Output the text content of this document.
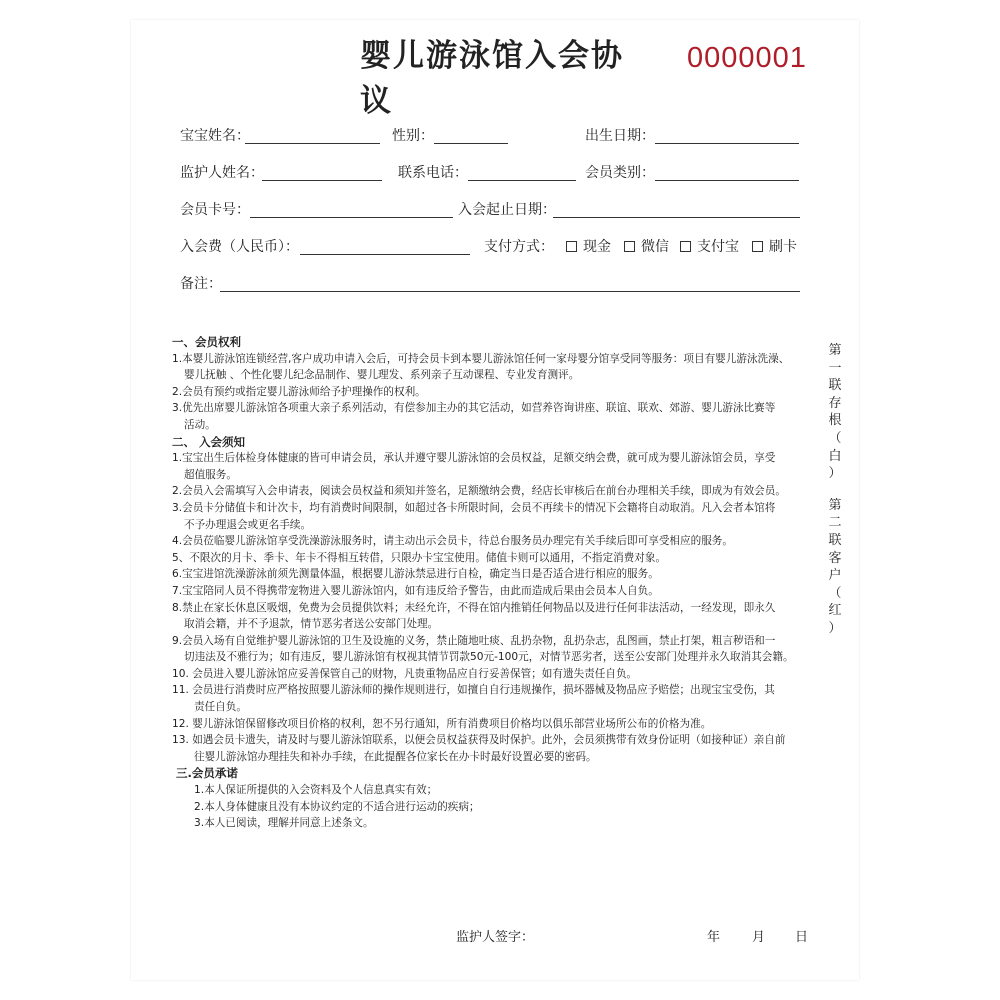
婴儿游泳馆入会协议
0000001
宝宝姓名：	性别：	出生日期：
监护人姓名：	联系电话：	会员类别：
会员卡号：	入会起止日期：
入会费（人民币）：	支付方式：	现金	微信	支付宝	刷卡
备注：
一、会员权利
1.本婴儿游泳馆连锁经营,客户成功申请入会后，可持会员卡到本婴儿游泳馆任何一家母婴分馆享受同等服务：项目有婴儿游泳洗澡、
婴儿抚触 、个性化婴儿纪念品制作、婴儿理发、系列亲子互动课程、专业发育测评。
2.会员有预约或指定婴儿游泳师给予护理操作的权利。
3.优先出席婴儿游泳馆各项重大亲子系列活动，有偿参加主办的其它活动，如营养咨询讲座、联谊、联欢、郊游、婴儿游泳比赛等
活动。
二、 入会须知
1.宝宝出生后体检身体健康的皆可申请会员，承认并遵守婴儿游泳馆的会员权益，足额交纳会费，就可成为婴儿游泳馆会员，享受
超值服务。
2.会员入会需填写入会申请表，阅读会员权益和须知并签名，足额缴纳会费，经店长审核后在前台办理相关手续，即成为有效会员。
3.会员卡分储值卡和计次卡，均有消费时间限制，如超过各卡所限时间，会员不再续卡的情况下会籍将自动取消。凡入会者本馆将
不予办理退会或更名手续。
4.会员莅临婴儿游泳馆享受洗澡游泳服务时，请主动出示会员卡，待总台服务员办理完有关手续后即可享受相应的服务。
5、不限次的月卡、季卡、年卡不得相互转借，只限办卡宝宝使用。储值卡则可以通用，不指定消费对象。
6.宝宝进馆洗澡游泳前须先测量体温，根据婴儿游泳禁忌进行自检，确定当日是否适合进行相应的服务。
7.宝宝陪同人员不得携带宠物进入婴儿游泳馆内，如有违反给予警告，由此而造成后果由会员本人自负。
8.禁止在家长休息区吸烟，免费为会员提供饮料；未经允许，不得在馆内推销任何物品以及进行任何非法活动，一经发现，即永久
取消会籍，并不予退款，情节恶劣者送公安部门处理。
9.会员入场有自觉维护婴儿游泳馆的卫生及设施的义务，禁止随地吐痰、乱扔杂物，乱扔杂志，乱图画，禁止打架，粗言秽语和一
切违法及不雅行为；如有违反，婴儿游泳馆有权视其情节罚款50元-100元，对情节恶劣者，送至公安部门处理并永久取消其会籍。
10. 会员进入婴儿游泳馆应妥善保管自己的财物，凡贵重物品应自行妥善保管；如有遗失责任自负。
11. 会员进行消费时应严格按照婴儿游泳师的操作规则进行，如擅自自行违规操作，损坏器械及物品应予赔偿；出现宝宝受伤，其
责任自负。
12. 婴儿游泳馆保留修改项目价格的权利，恕不另行通知，所有消费项目价格均以俱乐部营业场所公布的价格为准。
13. 如遇会员卡遗失，请及时与婴儿游泳馆联系，以便会员权益获得及时保护。此外，会员须携带有效身份证明（如接种证）亲自前
往婴儿游泳馆办理挂失和补办手续，在此提醒各位家长在办卡时最好设置必要的密码。
三.会员承诺
1.本人保证所提供的入会资料及个人信息真实有效；
2.本人身体健康且没有本协议约定的不适合进行运动的疾病；
3.本人已阅读，理解并同意上述条文。
第
一
联
存
根
（
白
）
第
二
联
客
户
（
红
）
监护人签字：	年 月 日
